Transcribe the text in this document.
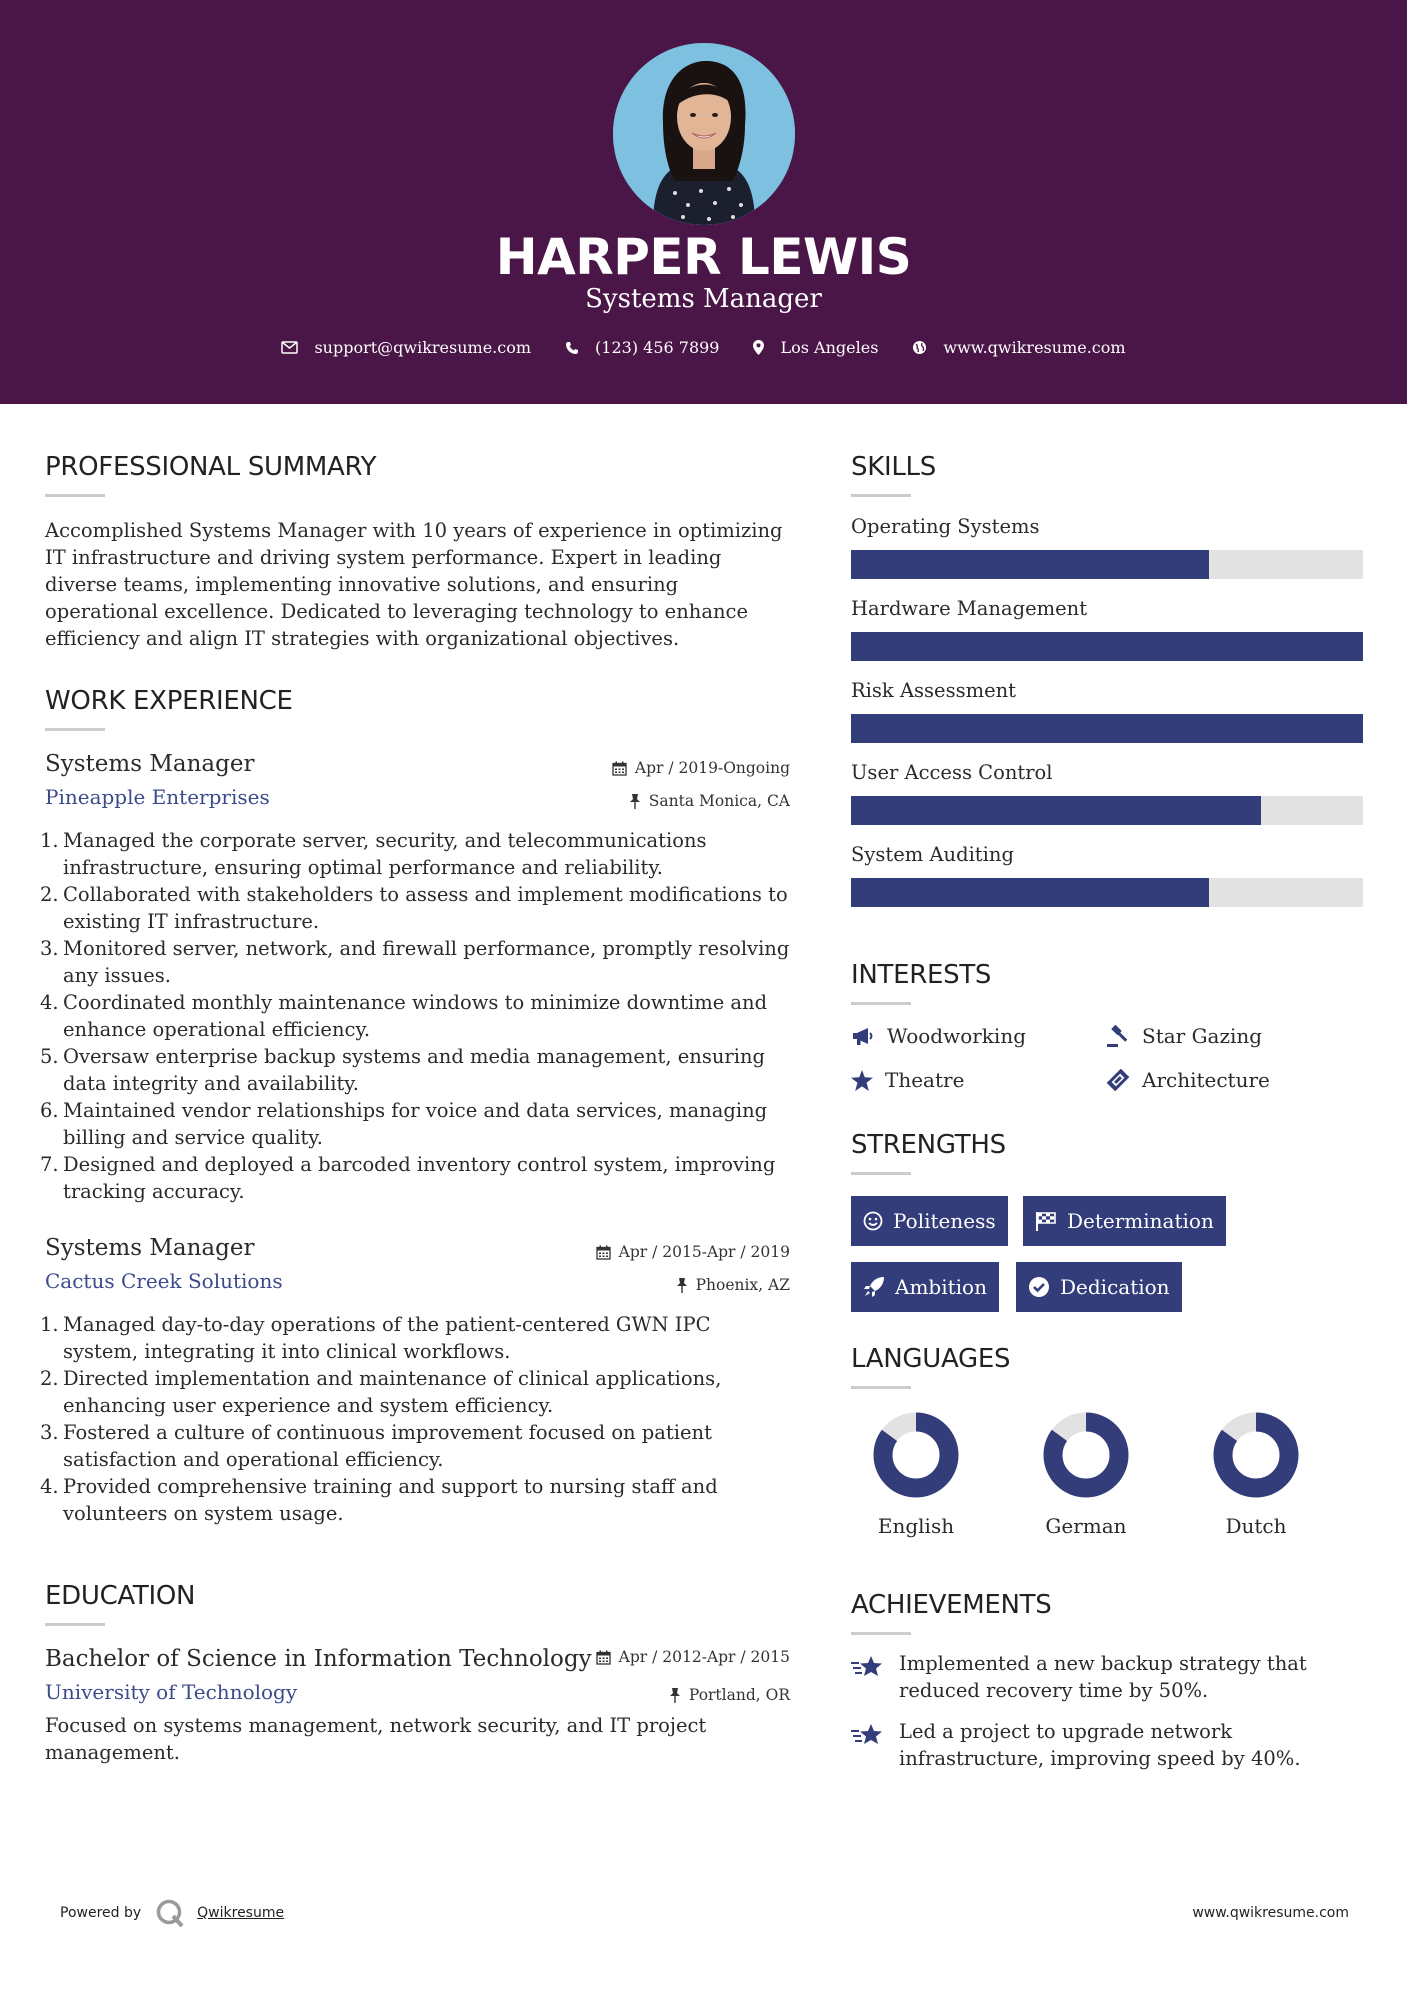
HARPER LEWIS
Systems Manager
support@qwikresume.com	(123) 456 7899	Los Angeles	www.qwikresume.com
PROFESSIONAL SUMMARY

Accomplished Systems Manager with 10 years of experience in optimizing IT infrastructure and driving system performance. Expert in leading diverse teams, implementing innovative solutions, and ensuring operational excellence. Dedicated to leveraging technology to enhance efficiency and align IT strategies with organizational objectives.

WORK EXPERIENCE
Systems Manager
Pineapple Enterprises
Apr / 2019-Ongoing
Santa Monica, CA
1. Managed the corporate server, security, and telecommunications infrastructure, ensuring optimal performance and reliability.
2. Collaborated with stakeholders to assess and implement modifications to existing IT infrastructure.
3. Monitored server, network, and firewall performance, promptly resolving any issues.
4. Coordinated monthly maintenance windows to minimize downtime and enhance operational efficiency.
5. Oversaw enterprise backup systems and media management, ensuring data integrity and availability.
6. Maintained vendor relationships for voice and data services, managing billing and service quality.
7. Designed and deployed a barcoded inventory control system, improving tracking accuracy.
Systems Manager
Cactus Creek Solutions
Apr / 2015-Apr / 2019
Phoenix, AZ
1. Managed day-to-day operations of the patient-centered GWN IPC system, integrating it into clinical workflows.
2. Directed implementation and maintenance of clinical applications, enhancing user experience and system efficiency.
3. Fostered a culture of continuous improvement focused on patient satisfaction and operational efficiency.
4. Provided comprehensive training and support to nursing staff and volunteers on system usage.
EDUCATION
Bachelor of Science in Information Technology
University of Technology
Apr / 2012-Apr / 2015
Portland, OR

Focused on systems management, network security, and IT project management.

SKILLS
Operating Systems
Hardware Management
Risk Assessment
User Access Control
System Auditing
INTERESTS
Woodworking	Star Gazing
Theatre	Architecture
STRENGTHS
Politeness	Determination
Ambition	Dedication
LANGUAGES
English	German	Dutch
ACHIEVEMENTS
Implemented a new backup strategy that reduced recovery time by 50%.
Led a project to upgrade network infrastructure, improving speed by 40%.
Powered by	Qwikresume	www.qwikresume.com
